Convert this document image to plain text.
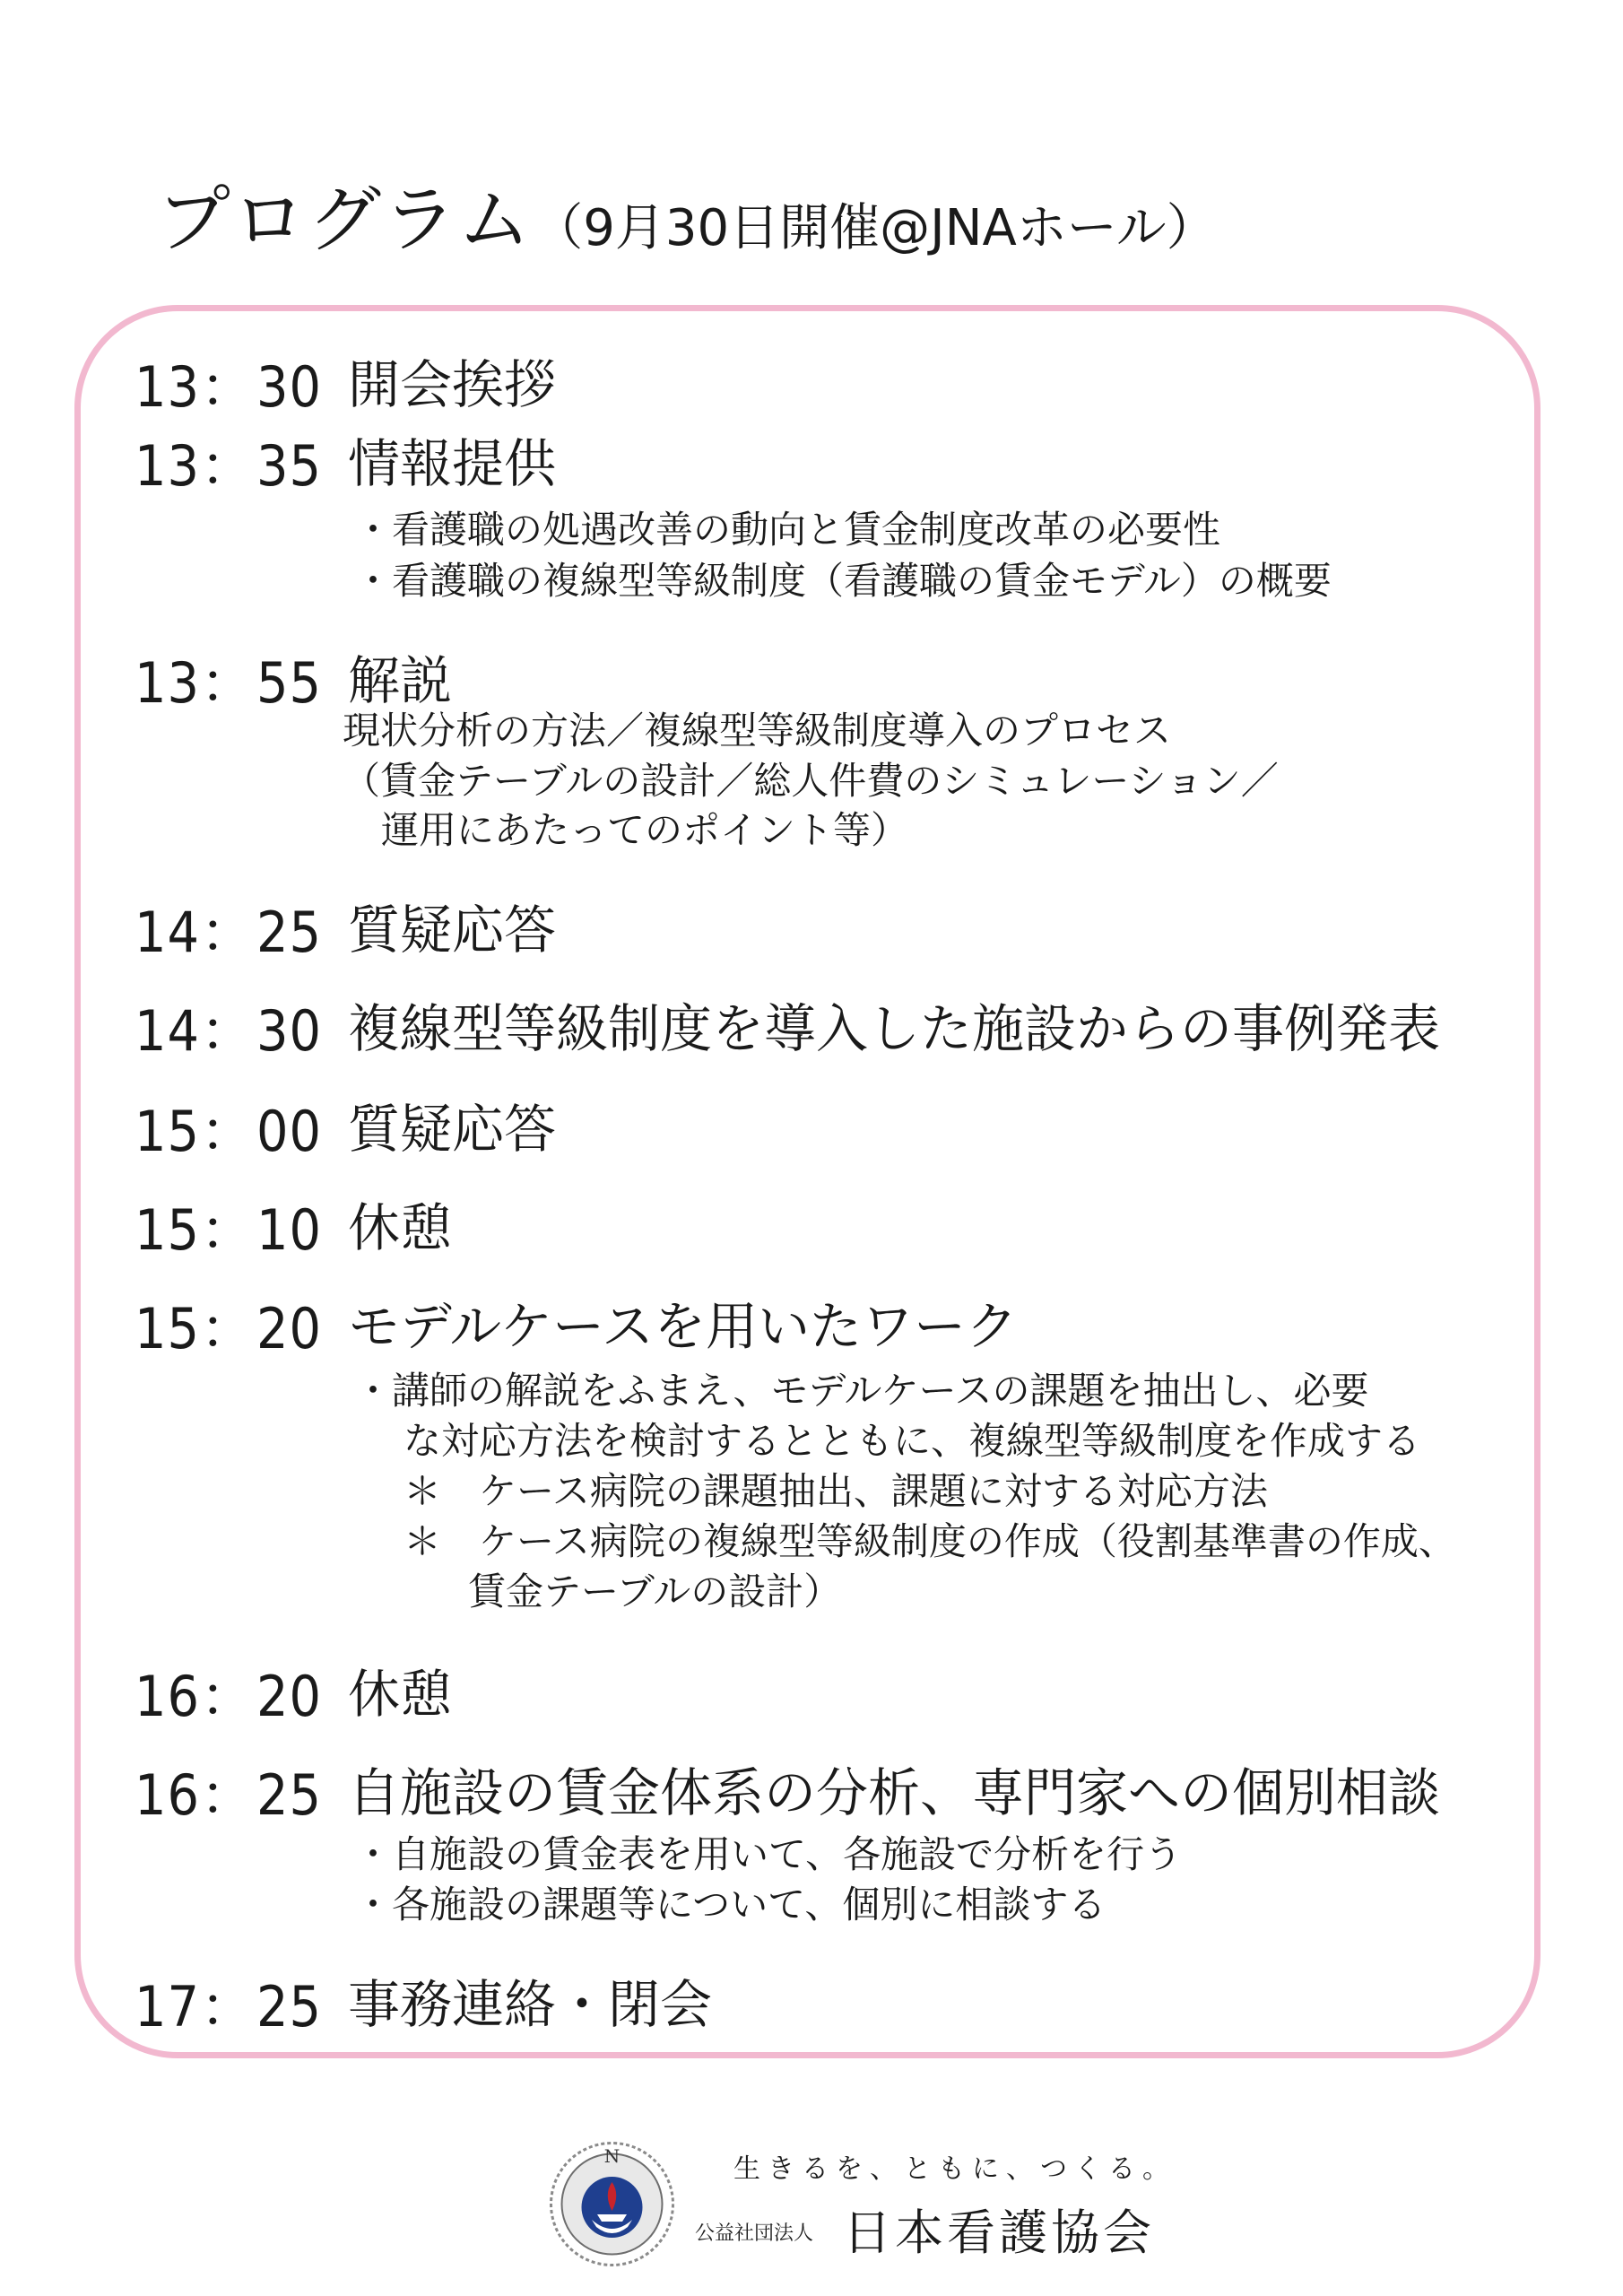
プログラム（9月30日開催@JNAホール）
13：30 開会挨拶
13：35 情報提供
・看護職の処遇改善の動向と賃金制度改革の必要性
・看護職の複線型等級制度（看護職の賃金モデル）の概要
13：55 解説
現状分析の方法／複線型等級制度導入のプロセス
（賃金テーブルの設計／総人件費のシミュレーション／
運用にあたってのポイント等）
14：25 質疑応答
14：30 複線型等級制度を導入した施設からの事例発表
15：00 質疑応答
15：10 休憩
15：20 モデルケースを用いたワーク
・講師の解説をふまえ、モデルケースの課題を抽出し、必要
な対応方法を検討するとともに、複線型等級制度を作成する
＊　ケース病院の課題抽出、課題に対する対応方法
＊　ケース病院の複線型等級制度の作成（役割基準書の作成、
賃金テーブルの設計）
16：20 休憩
16：25 自施設の賃金体系の分析、専門家への個別相談
・自施設の賃金表を用いて、各施設で分析を行う
・各施設の課題等について、個別に相談する
17：25 事務連絡・閉会
N	生きるを、ともに、つくる。
公益社団法人 日本看護協会
